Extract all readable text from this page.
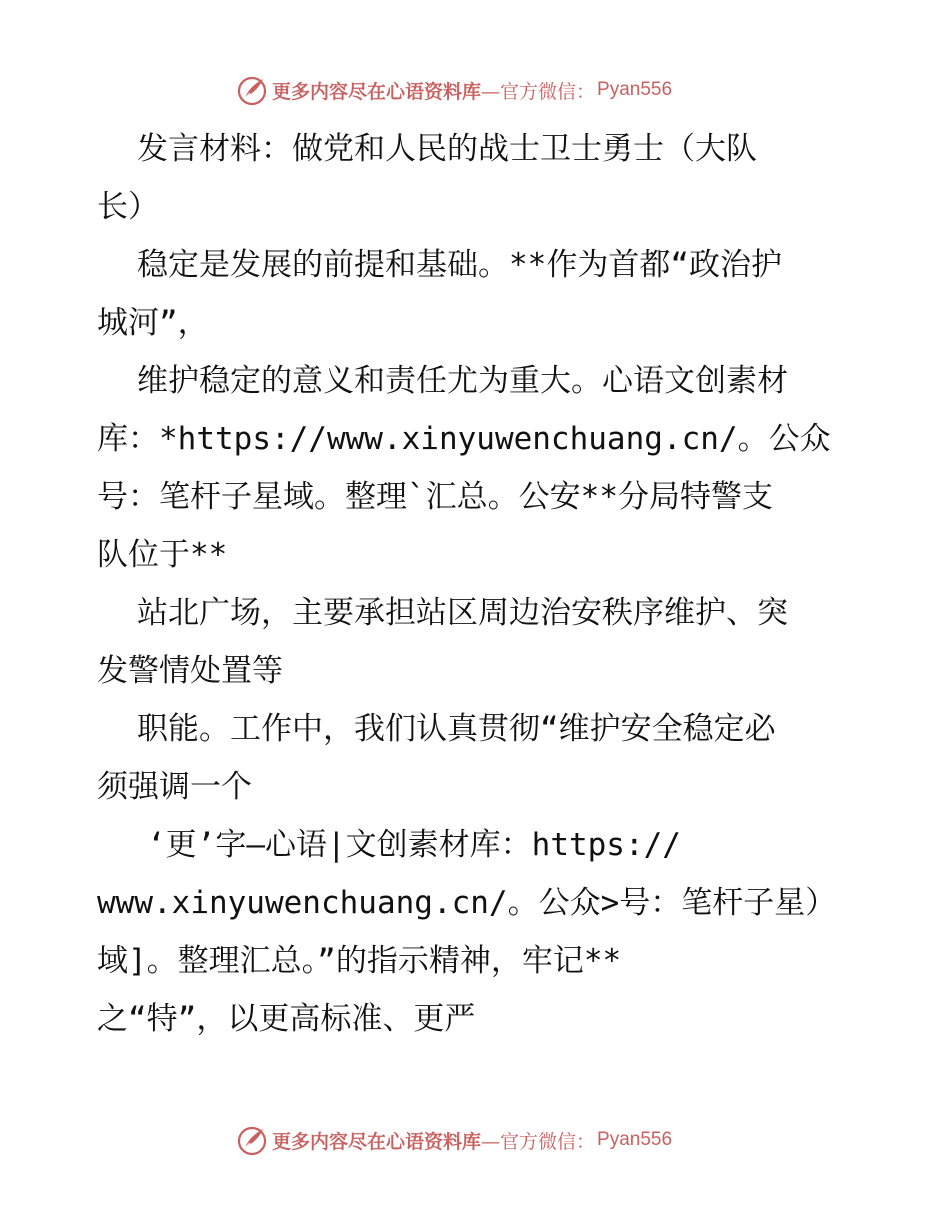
更多内容尽在心语资料库 —官方微信： Pyan556
发言材料：做党和人民的战士卫士勇士（大队
长）
稳定是发展的前提和基础。**作为首都“政治护
城河”，
维护稳定的意义和责任尤为重大。心语文创素材
库：*https://www.xinyuwenchuang.cn/。公众
号：笔杆子星域。整理`汇总。公安**分局特警支
队位于**
站北广场，主要承担站区周边治安秩序维护、突
发警情处置等
职能。工作中，我们认真贯彻“维护安全稳定必
须强调一个
‘更’字—心语|文创素材库：https://
www.xinyuwenchuang.cn/。公众>号：笔杆子星）
域]。整理汇总。”的指示精神，牢记**
之“特”，以更高标准、更严
更多内容尽在心语资料库 —官方微信： Pyan556
